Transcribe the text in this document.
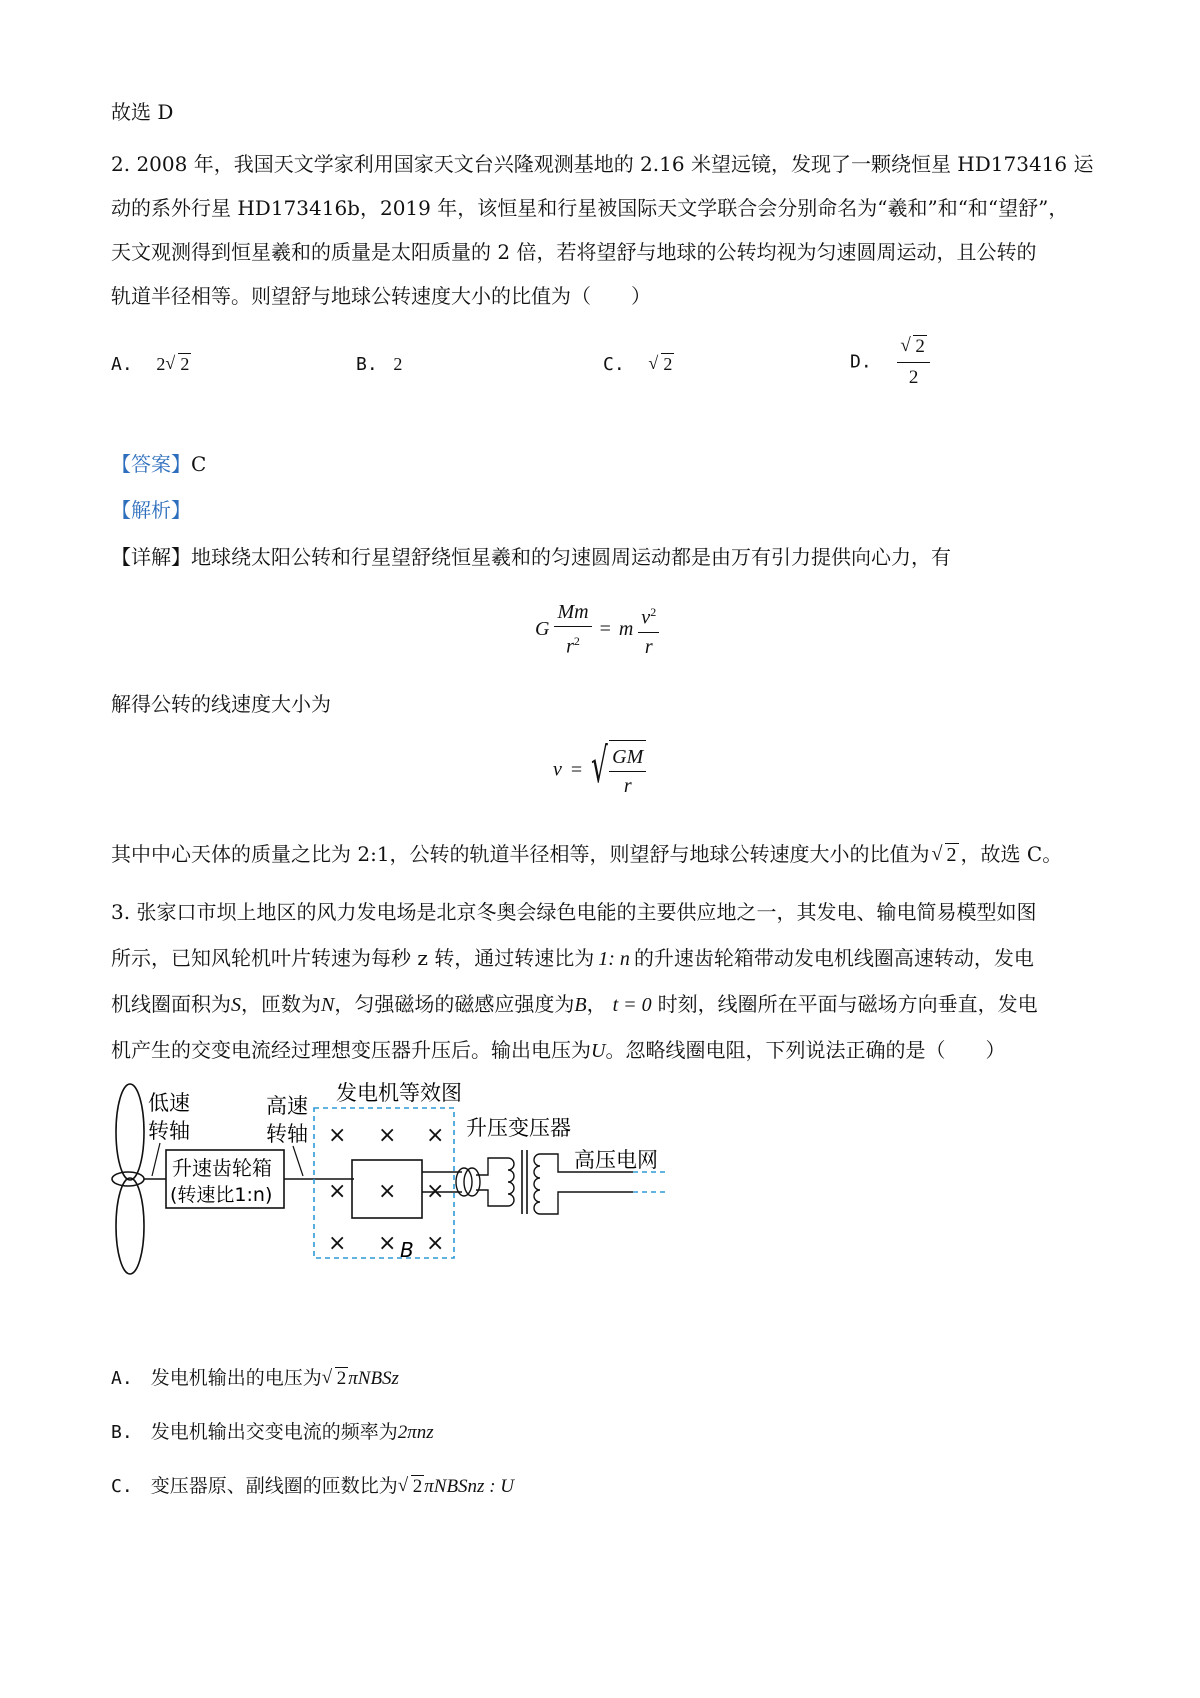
故选 D
2. 2008 年，我国天文学家利用国家天文台兴隆观测基地的 2.16 米望远镜，发现了一颗绕恒星 HD173416 运
动的系外行星 HD173416b，2019 年，该恒星和行星被国际天文学联合会分别命名为“羲和”和“和“望舒”，
天文观测得到恒星羲和的质量是太阳质量的 2 倍，若将望舒与地球的公转均视为匀速圆周运动，且公转的
轨道半径相等。则望舒与地球公转速度大小的比值为（　　）
A. 2 √ 2	B. 2	C. √ 2	D. √ $\frac{2}{2}$
【答案】C
【解析】
【详解】地球绕太阳公转和行星望舒绕恒星羲和的匀速圆周运动都是由万有引力提供向心力，有
G $\frac{Mm}{r^2} = m \frac{v^2}{r}$
解得公转的线速度大小为
v = √ $\frac{GM}{r}$
其中中心天体的质量之比为 2:1，公转的轨道半径相等，则望舒与地球公转速度大小的比值为 √ 2 ，故选 C。
3. 张家口市坝上地区的风力发电场是北京冬奥会绿色电能的主要供应地之一，其发电、输电简易模型如图
所示，已知风轮机叶片转速为每秒 z 转，通过转速比为 1: n 的升速齿轮箱带动发电机线圈高速转动，发电
机线圈面积为S，匝数为N，匀强磁场的磁感应强度为B， t = 0 时刻，线圈所在平面与磁场方向垂直，发电
机产生的交变电流经过理想变压器升压后。输出电压为U。忽略线圈电阻，下列说法正确的是（　　）
低速
转轴
升速齿轮箱
(转速比1:n)
高速
转轴
发电机等效图
× × ×
× × ×
× × ×
B
升压变压器
高压电网
A. 发电机输出的电压为 √ 2 πNBSz
B. 发电机输出交变电流的频率为2πnz
C. 变压器原、副线圈的匝数比为 √ 2 πNBSnz : U
